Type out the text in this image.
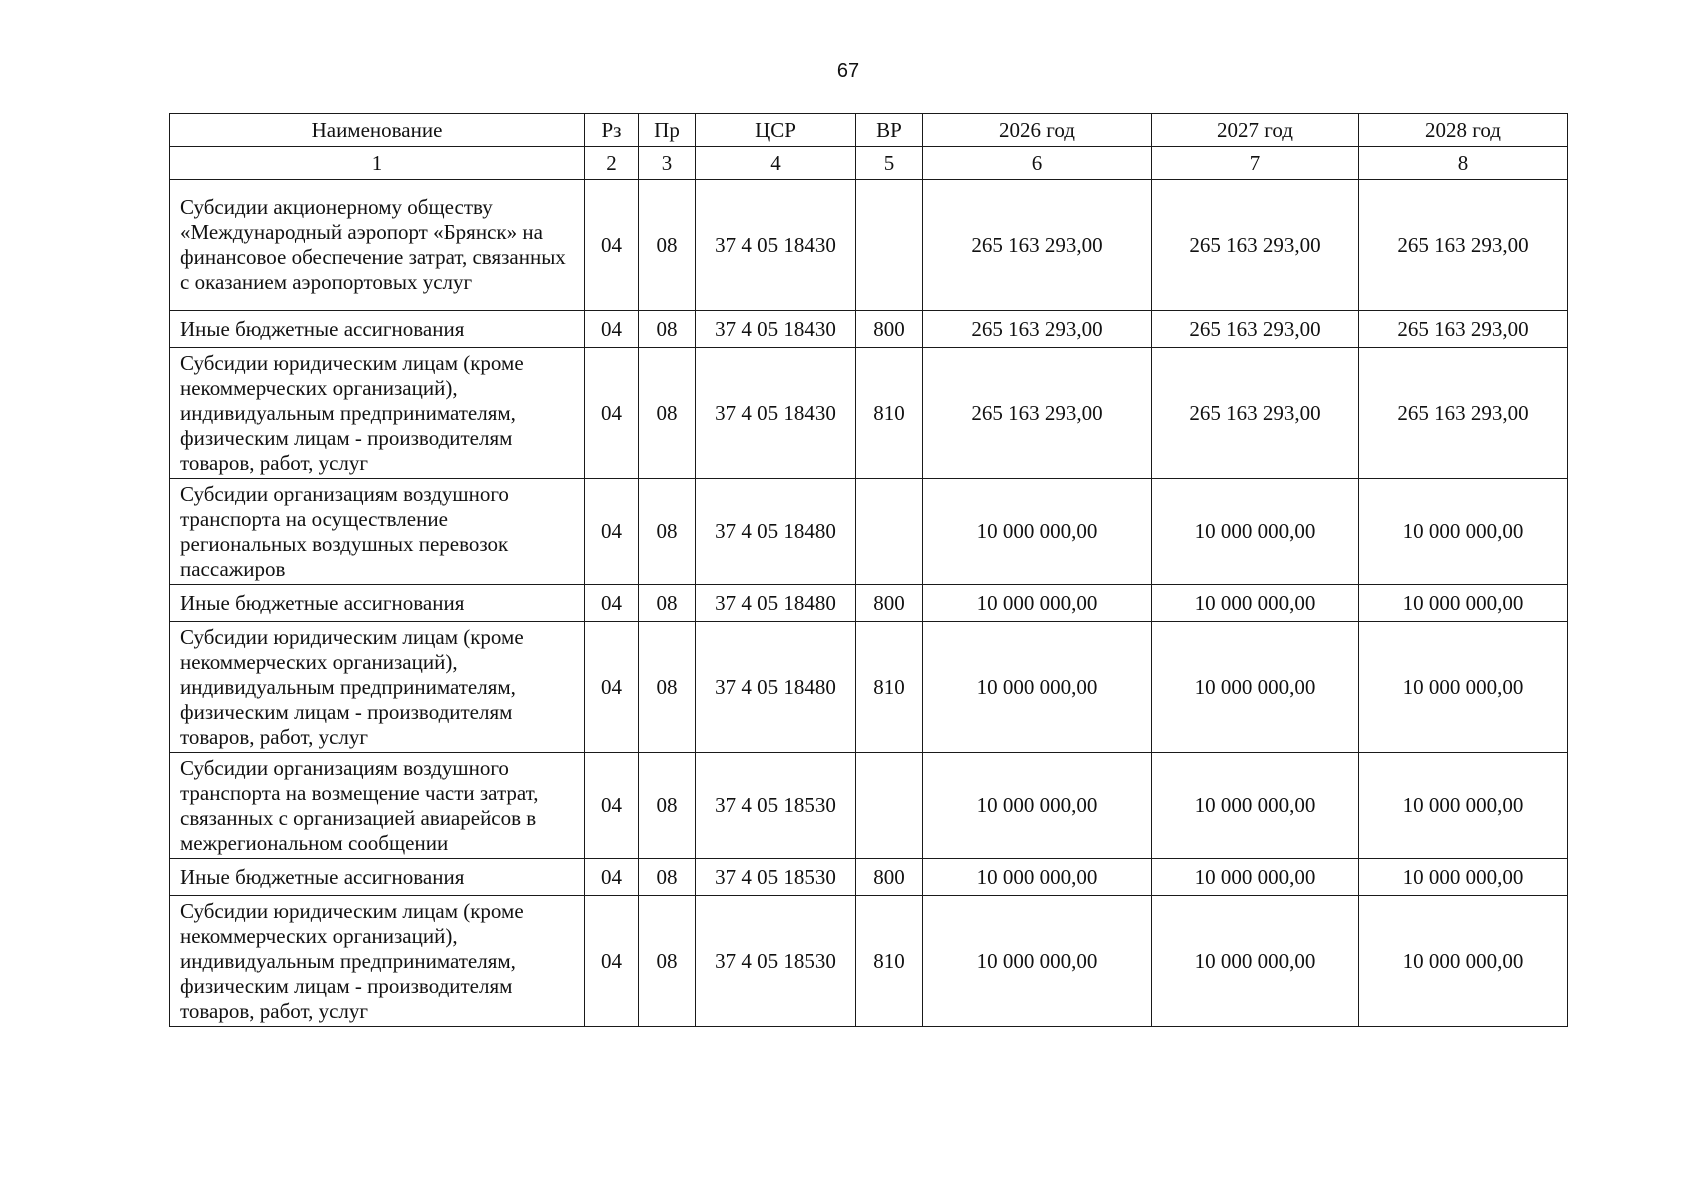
67
Наименование	Рз	Пр	ЦСР	ВР	2026 год	2027 год	2028 год
1	2	3	4	5	6	7	8
Субсидии акционерному обществу «Международный аэропорт «Брянск» на финансовое обеспечение затрат, связанных с оказанием аэропортовых услуг	04	08	37 4 05 18430		265 163 293,00	265 163 293,00	265 163 293,00
Иные бюджетные ассигнования	04	08	37 4 05 18430	800	265 163 293,00	265 163 293,00	265 163 293,00
Субсидии юридическим лицам (кроме некоммерческих организаций), индивидуальным предпринимателям, физическим лицам - производителям товаров, работ, услуг	04	08	37 4 05 18430	810	265 163 293,00	265 163 293,00	265 163 293,00
Субсидии организациям воздушного транспорта на осуществление региональных воздушных перевозок пассажиров	04	08	37 4 05 18480		10 000 000,00	10 000 000,00	10 000 000,00
Иные бюджетные ассигнования	04	08	37 4 05 18480	800	10 000 000,00	10 000 000,00	10 000 000,00
Субсидии юридическим лицам (кроме некоммерческих организаций), индивидуальным предпринимателям, физическим лицам - производителям товаров, работ, услуг	04	08	37 4 05 18480	810	10 000 000,00	10 000 000,00	10 000 000,00
Субсидии организациям воздушного транспорта на возмещение части затрат, связанных с организацией авиарейсов в межрегиональном сообщении	04	08	37 4 05 18530		10 000 000,00	10 000 000,00	10 000 000,00
Иные бюджетные ассигнования	04	08	37 4 05 18530	800	10 000 000,00	10 000 000,00	10 000 000,00
Субсидии юридическим лицам (кроме некоммерческих организаций), индивидуальным предпринимателям, физическим лицам - производителям товаров, работ, услуг	04	08	37 4 05 18530	810	10 000 000,00	10 000 000,00	10 000 000,00
